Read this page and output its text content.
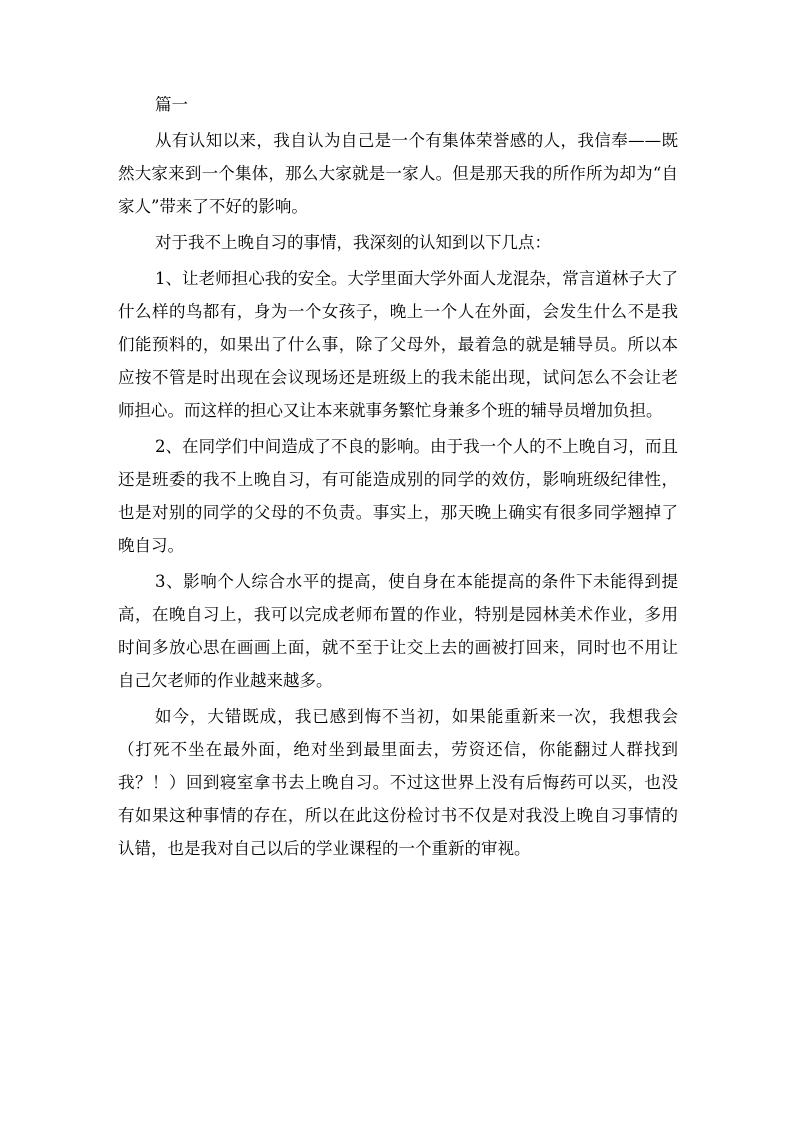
篇一

从有认知以来，我自认为自己是一个有集体荣誉感的人，我信奉——既然大家来到一个集体，那么大家就是一家人。但是那天我的所作所为却为“自家人”带来了不好的影响。

对于我不上晚自习的事情，我深刻的认知到以下几点：

1、让老师担心我的安全。大学里面大学外面人龙混杂，常言道林子大了什么样的鸟都有，身为一个女孩子，晚上一个人在外面，会发生什么不是我们能预料的，如果出了什么事，除了父母外，最着急的就是辅导员。所以本应按不管是时出现在会议现场还是班级上的我未能出现，试问怎么不会让老师担心。而这样的担心又让本来就事务繁忙身兼多个班的辅导员增加负担。

2、在同学们中间造成了不良的影响。由于我一个人的不上晚自习，而且还是班委的我不上晚自习，有可能造成别的同学的效仿，影响班级纪律性，也是对别的同学的父母的不负责。事实上，那天晚上确实有很多同学翘掉了晚自习。

3、影响个人综合水平的提高，使自身在本能提高的条件下未能得到提高，在晚自习上，我可以完成老师布置的作业，特别是园林美术作业，多用时间多放心思在画画上面，就不至于让交上去的画被打回来，同时也不用让自己欠老师的作业越来越多。

如今，大错既成，我已感到悔不当初，如果能重新来一次，我想我会（打死不坐在最外面，绝对坐到最里面去，劳资还信，你能翻过人群找到我？！）回到寝室拿书去上晚自习。不过这世界上没有后悔药可以买，也没有如果这种事情的存在，所以在此这份检讨书不仅是对我没上晚自习事情的认错，也是我对自己以后的学业课程的一个重新的审视。
